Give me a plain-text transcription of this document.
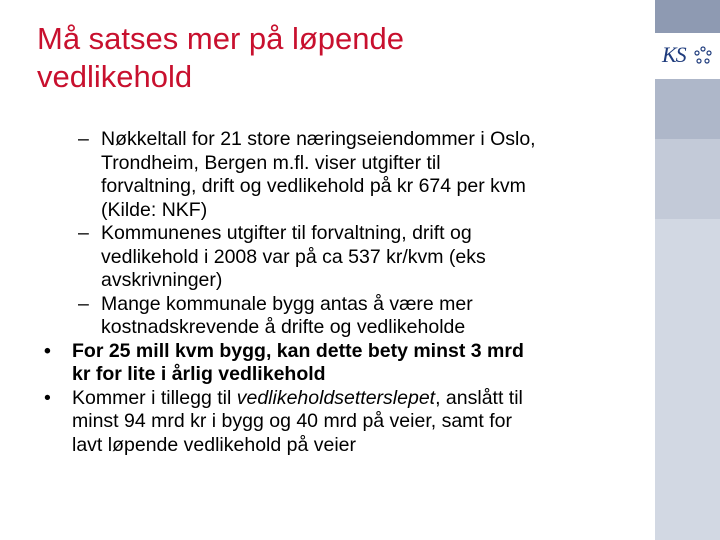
Må satses mer på løpende
vedlikehold
KS
– Nøkkeltall for 21 store næringseiendommer i Oslo,
Trondheim, Bergen m.fl. viser utgifter til
forvaltning, drift og vedlikehold på kr 674 per kvm
(Kilde: NKF)
– Kommunenes utgifter til forvaltning, drift og
vedlikehold i 2008 var på ca 537 kr/kvm (eks
avskrivninger)
– Mange kommunale bygg antas å være mer
kostnadskrevende å drifte og vedlikeholde
• For 25 mill kvm bygg, kan dette bety minst 3 mrd
kr for lite i årlig vedlikehold
• Kommer i tillegg til vedlikeholdsetterslepet, anslått til
minst 94 mrd kr i bygg og 40 mrd på veier, samt for
lavt løpende vedlikehold på veier
